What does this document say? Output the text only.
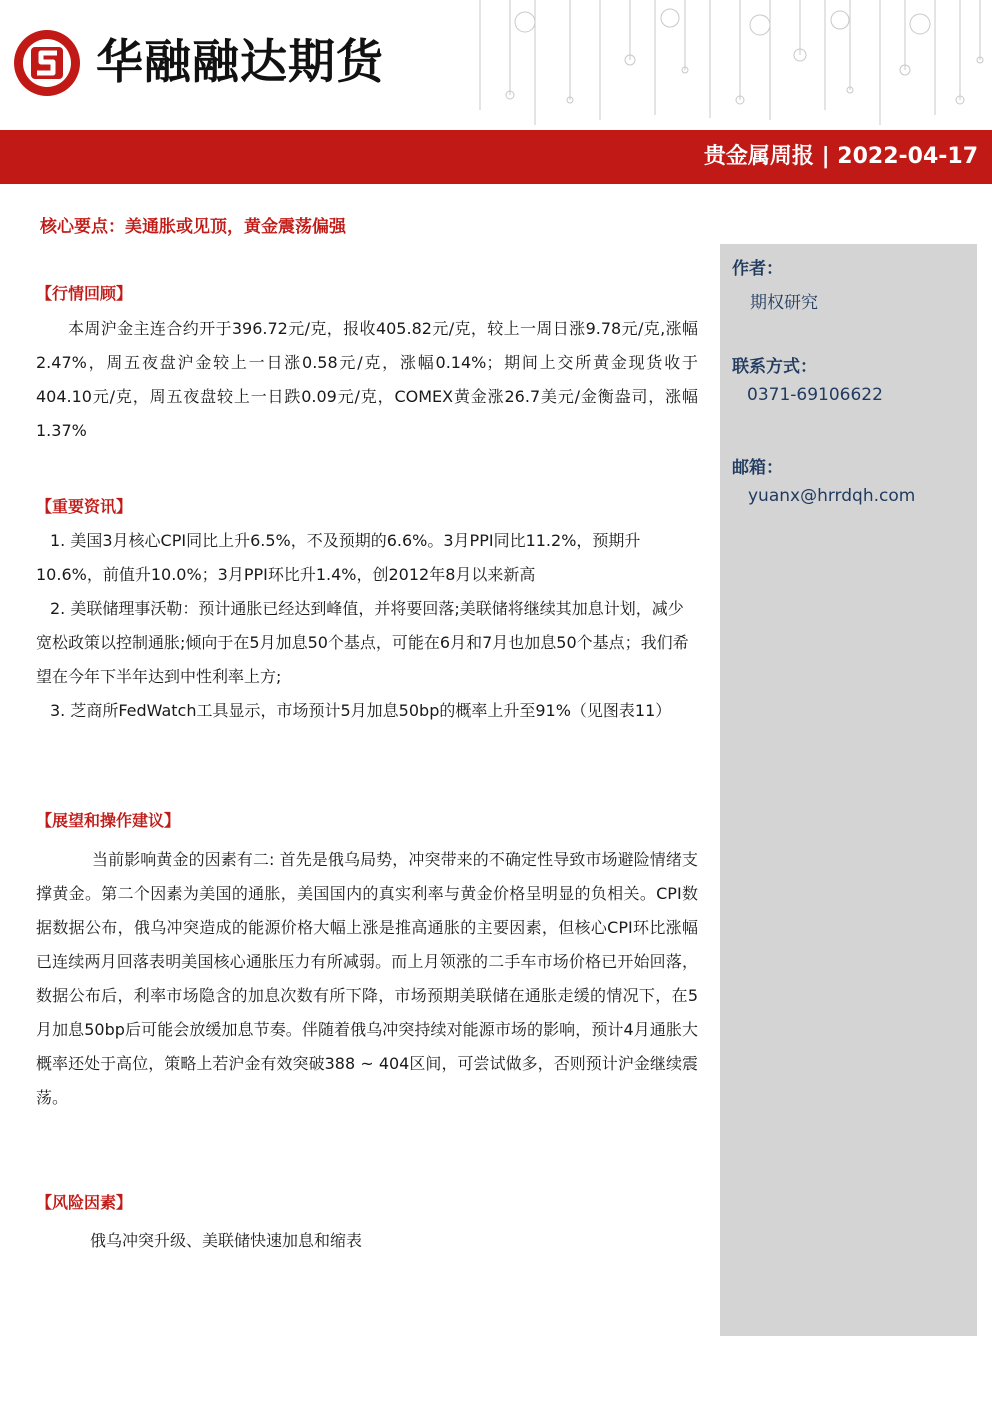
华融融达期货
贵金属周报 | 2022-04-17
核心要点：美通胀或见顶，黄金震荡偏强
作者：
期权研究
联系方式：
0371-69106622
邮箱：
yuanx@hrrdqh.com
【行情回顾】

本周沪金主连合约开于396.72元/克，报收405.82元/克，较上一周日涨9.78元/克,涨幅2.47%，周五夜盘沪金较上一日涨0.58元/克，涨幅0.14%；期间上交所黄金现货收于404.10元/克，周五夜盘较上一日跌0.09元/克，COMEX黄金涨26.7美元/金衡盎司，涨幅1.37%

【重要资讯】

1. 美国3月核心CPI同比上升6.5%，不及预期的6.6%。3月PPI同比11.2%，预期升10.6%，前值升10.0%；3月PPI环比升1.4%，创2012年8月以来新高

2. 美联储理事沃勒：预计通胀已经达到峰值，并将要回落;美联储将继续其加息计划，减少宽松政策以控制通胀;倾向于在5月加息50个基点，可能在6月和7月也加息50个基点；我们希望在今年下半年达到中性利率上方;

3. 芝商所FedWatch工具显示，市场预计5月加息50bp的概率上升至91%（见图表11）

【展望和操作建议】

当前影响黄金的因素有二: 首先是俄乌局势，冲突带来的不确定性导致市场避险情绪支撑黄金。第二个因素为美国的通胀，美国国内的真实利率与黄金价格呈明显的负相关。CPI数据数据公布，俄乌冲突造成的能源价格大幅上涨是推高通胀的主要因素，但核心CPI环比涨幅已连续两月回落表明美国核心通胀压力有所减弱。而上月领涨的二手车市场价格已开始回落，数据公布后，利率市场隐含的加息次数有所下降，市场预期美联储在通胀走缓的情况下，在5月加息50bp后可能会放缓加息节奏。伴随着俄乌冲突持续对能源市场的影响，预计4月通胀大概率还处于高位，策略上若沪金有效突破388 ~ 404区间，可尝试做多，否则预计沪金继续震荡。

【风险因素】
俄乌冲突升级、美联储快速加息和缩表
